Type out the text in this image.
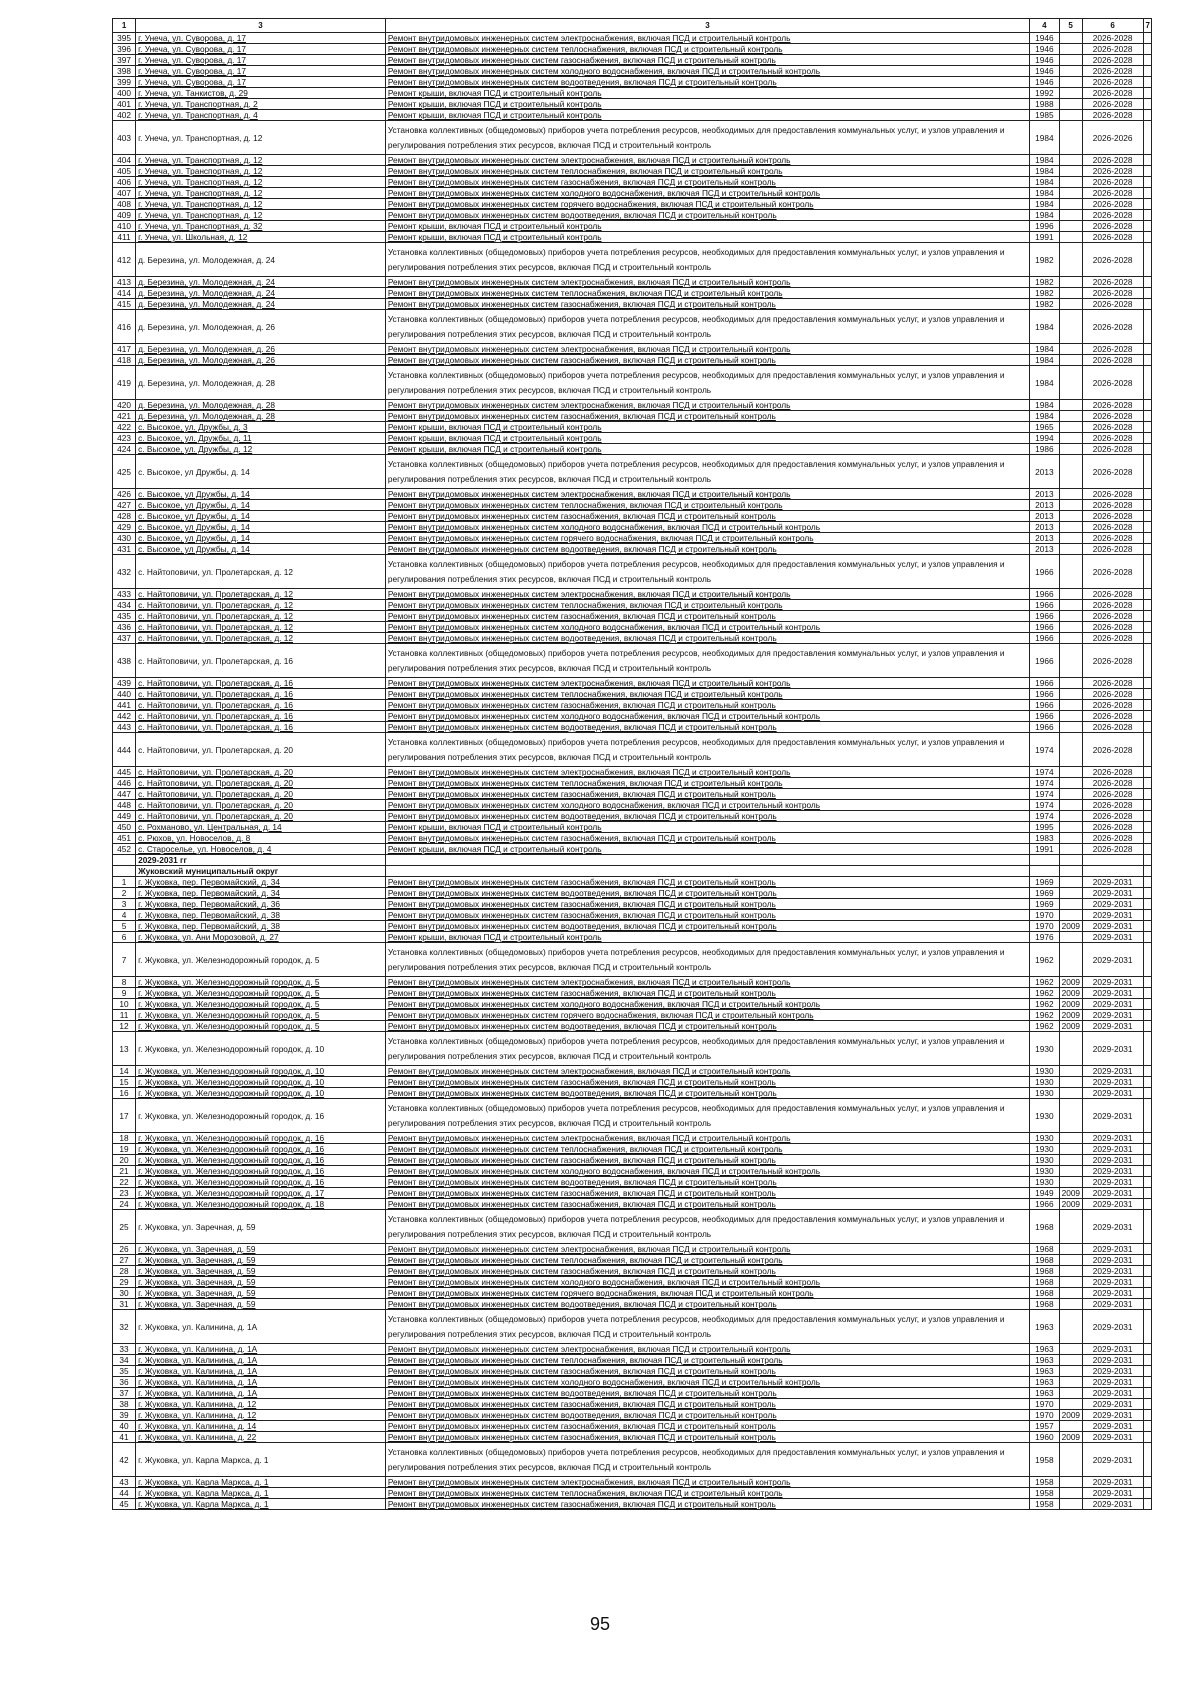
1	3	3	4	5	6	7
395	г. Унеча, ул. Суворова, д. 17	Ремонт внутридомовых инженерных систем электроснабжения, включая ПСД и строительный контроль	1946		2026-2028	
396	г. Унеча, ул. Суворова, д. 17	Ремонт внутридомовых инженерных систем теплоснабжения, включая ПСД и строительный контроль	1946		2026-2028	
397	г. Унеча, ул. Суворова, д. 17	Ремонт внутридомовых инженерных систем газоснабжения, включая ПСД и строительный контроль	1946		2026-2028	
398	г. Унеча, ул. Суворова, д. 17	Ремонт внутридомовых инженерных систем холодного водоснабжения, включая ПСД и строительный контроль	1946		2026-2028	
399	г. Унеча, ул. Суворова, д. 17	Ремонт внутридомовых инженерных систем водоотведения, включая ПСД и строительный контроль	1946		2026-2028	
400	г. Унеча, ул. Танкистов, д. 29	Ремонт крыши, включая ПСД и строительный контроль	1992		2026-2028	
401	г. Унеча, ул. Транспортная, д. 2	Ремонт крыши, включая ПСД и строительный контроль	1988		2026-2028	
402	г. Унеча, ул. Транспортная, д. 4	Ремонт крыши, включая ПСД и строительный контроль	1985		2026-2028	
403	г. Унеча, ул. Транспортная, д. 12	Установка коллективных (общедомовых) приборов учета потребления ресурсов, необходимых для предоставления коммунальных услуг, и узлов управления и регулирования потребления этих ресурсов, включая ПСД и строительный контроль	1984		2026-2026	
404	г. Унеча, ул. Транспортная, д. 12	Ремонт внутридомовых инженерных систем электроснабжения, включая ПСД и строительный контроль	1984		2026-2028	
405	г. Унеча, ул. Транспортная, д. 12	Ремонт внутридомовых инженерных систем теплоснабжения, включая ПСД и строительный контроль	1984		2026-2028	
406	г. Унеча, ул. Транспортная, д. 12	Ремонт внутридомовых инженерных систем газоснабжения, включая ПСД и строительный контроль	1984		2026-2028	
407	г. Унеча, ул. Транспортная, д. 12	Ремонт внутридомовых инженерных систем холодного водоснабжения, включая ПСД и строительный контроль	1984		2026-2028	
408	г. Унеча, ул. Транспортная, д. 12	Ремонт внутридомовых инженерных систем горячего водоснабжения, включая ПСД и строительный контроль	1984		2026-2028	
409	г. Унеча, ул. Транспортная, д. 12	Ремонт внутридомовых инженерных систем водоотведения, включая ПСД и строительный контроль	1984		2026-2028	
410	г. Унеча, ул. Транспортная, д. 32	Ремонт крыши, включая ПСД и строительный контроль	1996		2026-2028	
411	г. Унеча, ул. Школьная, д. 12	Ремонт крыши, включая ПСД и строительный контроль	1991		2026-2028	
412	д. Березина, ул. Молодежная, д. 24	Установка коллективных (общедомовых) приборов учета потребления ресурсов, необходимых для предоставления коммунальных услуг, и узлов управления и регулирования потребления этих ресурсов, включая ПСД и строительный контроль	1982		2026-2028	
413	д. Березина, ул. Молодежная, д. 24	Ремонт внутридомовых инженерных систем электроснабжения, включая ПСД и строительный контроль	1982		2026-2028	
414	д. Березина, ул. Молодежная, д. 24	Ремонт внутридомовых инженерных систем теплоснабжения, включая ПСД и строительный контроль	1982		2026-2028	
415	д. Березина, ул. Молодежная, д. 24	Ремонт внутридомовых инженерных систем газоснабжения, включая ПСД и строительный контроль	1982		2026-2028	
416	д. Березина, ул. Молодежная, д. 26	Установка коллективных (общедомовых) приборов учета потребления ресурсов, необходимых для предоставления коммунальных услуг, и узлов управления и регулирования потребления этих ресурсов, включая ПСД и строительный контроль	1984		2026-2028	
417	д. Березина, ул. Молодежная, д. 26	Ремонт внутридомовых инженерных систем электроснабжения, включая ПСД и строительный контроль	1984		2026-2028	
418	д. Березина, ул. Молодежная, д. 26	Ремонт внутридомовых инженерных систем газоснабжения, включая ПСД и строительный контроль	1984		2026-2028	
419	д. Березина, ул. Молодежная, д. 28	Установка коллективных (общедомовых) приборов учета потребления ресурсов, необходимых для предоставления коммунальных услуг, и узлов управления и регулирования потребления этих ресурсов, включая ПСД и строительный контроль	1984		2026-2028	
420	д. Березина, ул. Молодежная, д. 28	Ремонт внутридомовых инженерных систем электроснабжения, включая ПСД и строительный контроль	1984		2026-2028	
421	д. Березина, ул. Молодежная, д. 28	Ремонт внутридомовых инженерных систем газоснабжения, включая ПСД и строительный контроль	1984		2026-2028	
422	с. Высокое, ул. Дружбы, д. 3	Ремонт крыши, включая ПСД и строительный контроль	1965		2026-2028	
423	с. Высокое, ул. Дружбы, д. 11	Ремонт крыши, включая ПСД и строительный контроль	1994		2026-2028	
424	с. Высокое, ул. Дружбы, д. 12	Ремонт крыши, включая ПСД и строительный контроль	1986		2026-2028	
425	с. Высокое, ул Дружбы, д. 14	Установка коллективных (общедомовых) приборов учета потребления ресурсов, необходимых для предоставления коммунальных услуг, и узлов управления и регулирования потребления этих ресурсов, включая ПСД и строительный контроль	2013		2026-2028	
426	с. Высокое, ул Дружбы, д. 14	Ремонт внутридомовых инженерных систем электроснабжения, включая ПСД и строительный контроль	2013		2026-2028	
427	с. Высокое, ул Дружбы, д. 14	Ремонт внутридомовых инженерных систем теплоснабжения, включая ПСД и строительный контроль	2013		2026-2028	
428	с. Высокое, ул Дружбы, д. 14	Ремонт внутридомовых инженерных систем газоснабжения, включая ПСД и строительный контроль	2013		2026-2028	
429	с. Высокое, ул Дружбы, д. 14	Ремонт внутридомовых инженерных систем холодного водоснабжения, включая ПСД и строительный контроль	2013		2026-2028	
430	с. Высокое, ул Дружбы, д. 14	Ремонт внутридомовых инженерных систем горячего водоснабжения, включая ПСД и строительный контроль	2013		2026-2028	
431	с. Высокое, ул Дружбы, д. 14	Ремонт внутридомовых инженерных систем водоотведения, включая ПСД и строительный контроль	2013		2026-2028	
432	с. Найтоповичи, ул. Пролетарская, д. 12	Установка коллективных (общедомовых) приборов учета потребления ресурсов, необходимых для предоставления коммунальных услуг, и узлов управления и регулирования потребления этих ресурсов, включая ПСД и строительный контроль	1966		2026-2028	
433	с. Найтоповичи, ул. Пролетарская, д. 12	Ремонт внутридомовых инженерных систем электроснабжения, включая ПСД и строительный контроль	1966		2026-2028	
434	с. Найтоповичи, ул. Пролетарская, д. 12	Ремонт внутридомовых инженерных систем теплоснабжения, включая ПСД и строительный контроль	1966		2026-2028	
435	с. Найтоповичи, ул. Пролетарская, д. 12	Ремонт внутридомовых инженерных систем газоснабжения, включая ПСД и строительный контроль	1966		2026-2028	
436	с. Найтоповичи, ул. Пролетарская, д. 12	Ремонт внутридомовых инженерных систем холодного водоснабжения, включая ПСД и строительный контроль	1966		2026-2028	
437	с. Найтоповичи, ул. Пролетарская, д. 12	Ремонт внутридомовых инженерных систем водоотведения, включая ПСД и строительный контроль	1966		2026-2028	
438	с. Найтоповичи, ул. Пролетарская, д. 16	Установка коллективных (общедомовых) приборов учета потребления ресурсов, необходимых для предоставления коммунальных услуг, и узлов управления и регулирования потребления этих ресурсов, включая ПСД и строительный контроль	1966		2026-2028	
439	с. Найтоповичи, ул. Пролетарская, д. 16	Ремонт внутридомовых инженерных систем электроснабжения, включая ПСД и строительный контроль	1966		2026-2028	
440	с. Найтоповичи, ул. Пролетарская, д. 16	Ремонт внутридомовых инженерных систем теплоснабжения, включая ПСД и строительный контроль	1966		2026-2028	
441	с. Найтоповичи, ул. Пролетарская, д. 16	Ремонт внутридомовых инженерных систем газоснабжения, включая ПСД и строительный контроль	1966		2026-2028	
442	с. Найтоповичи, ул. Пролетарская, д. 16	Ремонт внутридомовых инженерных систем холодного водоснабжения, включая ПСД и строительный контроль	1966		2026-2028	
443	с. Найтоповичи, ул. Пролетарская, д. 16	Ремонт внутридомовых инженерных систем водоотведения, включая ПСД и строительный контроль	1966		2026-2028	
444	с. Найтоповичи, ул. Пролетарская, д. 20	Установка коллективных (общедомовых) приборов учета потребления ресурсов, необходимых для предоставления коммунальных услуг, и узлов управления и регулирования потребления этих ресурсов, включая ПСД и строительный контроль	1974		2026-2028	
445	с. Найтоповичи, ул. Пролетарская, д. 20	Ремонт внутридомовых инженерных систем электроснабжения, включая ПСД и строительный контроль	1974		2026-2028	
446	с. Найтоповичи, ул. Пролетарская, д. 20	Ремонт внутридомовых инженерных систем теплоснабжения, включая ПСД и строительный контроль	1974		2026-2028	
447	с. Найтоповичи, ул. Пролетарская, д. 20	Ремонт внутридомовых инженерных систем газоснабжения, включая ПСД и строительный контроль	1974		2026-2028	
448	с. Найтоповичи, ул. Пролетарская, д. 20	Ремонт внутридомовых инженерных систем холодного водоснабжения, включая ПСД и строительный контроль	1974		2026-2028	
449	с. Найтоповичи, ул. Пролетарская, д. 20	Ремонт внутридомовых инженерных систем водоотведения, включая ПСД и строительный контроль	1974		2026-2028	
450	с. Рохманово, ул. Центральная, д. 14	Ремонт крыши, включая ПСД и строительный контроль	1995		2026-2028	
451	с. Рюхов, ул. Новоселов, д. 8	Ремонт внутридомовых инженерных систем газоснабжения, включая ПСД и строительный контроль	1983		2026-2028	
452	с. Староселье, ул. Новоселов, д. 4	Ремонт крыши, включая ПСД и строительный контроль	1991		2026-2028	
	2029-2031 гг					
	Жуковский муниципальный округ					
1	г. Жуковка, пер. Первомайский, д. 34	Ремонт внутридомовых инженерных систем газоснабжения, включая ПСД и строительный контроль	1969		2029-2031	
2	г. Жуковка, пер. Первомайский, д. 34	Ремонт внутридомовых инженерных систем водоотведения, включая ПСД и строительный контроль	1969		2029-2031	
3	г. Жуковка, пер. Первомайский, д. 36	Ремонт внутридомовых инженерных систем газоснабжения, включая ПСД и строительный контроль	1969		2029-2031	
4	г. Жуковка, пер. Первомайский, д. 38	Ремонт внутридомовых инженерных систем газоснабжения, включая ПСД и строительный контроль	1970		2029-2031	
5	г. Жуковка, пер. Первомайский, д. 38	Ремонт внутридомовых инженерных систем водоотведения, включая ПСД и строительный контроль	1970	2009	2029-2031	
6	г. Жуковка, ул. Ани Морозовой, д. 27	Ремонт крыши, включая ПСД и строительный контроль	1976		2029-2031	
7	г. Жуковка, ул. Железнодорожный городок, д. 5	Установка коллективных (общедомовых) приборов учета потребления ресурсов, необходимых для предоставления коммунальных услуг, и узлов управления и регулирования потребления этих ресурсов, включая ПСД и строительный контроль	1962		2029-2031	
8	г. Жуковка, ул. Железнодорожный городок, д. 5	Ремонт внутридомовых инженерных систем электроснабжения, включая ПСД и строительный контроль	1962	2009	2029-2031	
9	г. Жуковка, ул. Железнодорожный городок, д. 5	Ремонт внутридомовых инженерных систем газоснабжения, включая ПСД и строительный контроль	1962	2009	2029-2031	
10	г. Жуковка, ул. Железнодорожный городок, д. 5	Ремонт внутридомовых инженерных систем холодного водоснабжения, включая ПСД и строительный контроль	1962	2009	2029-2031	
11	г. Жуковка, ул. Железнодорожный городок, д. 5	Ремонт внутридомовых инженерных систем горячего водоснабжения, включая ПСД и строительный контроль	1962	2009	2029-2031	
12	г. Жуковка, ул. Железнодорожный городок, д. 5	Ремонт внутридомовых инженерных систем водоотведения, включая ПСД и строительный контроль	1962	2009	2029-2031	
13	г. Жуковка, ул. Железнодорожный городок, д. 10	Установка коллективных (общедомовых) приборов учета потребления ресурсов, необходимых для предоставления коммунальных услуг, и узлов управления и регулирования потребления этих ресурсов, включая ПСД и строительный контроль	1930		2029-2031	
14	г. Жуковка, ул. Железнодорожный городок, д. 10	Ремонт внутридомовых инженерных систем электроснабжения, включая ПСД и строительный контроль	1930		2029-2031	
15	г. Жуковка, ул. Железнодорожный городок, д. 10	Ремонт внутридомовых инженерных систем газоснабжения, включая ПСД и строительный контроль	1930		2029-2031	
16	г. Жуковка, ул. Железнодорожный городок, д. 10	Ремонт внутридомовых инженерных систем водоотведения, включая ПСД и строительный контроль	1930		2029-2031	
17	г. Жуковка, ул. Железнодорожный городок, д. 16	Установка коллективных (общедомовых) приборов учета потребления ресурсов, необходимых для предоставления коммунальных услуг, и узлов управления и регулирования потребления этих ресурсов, включая ПСД и строительный контроль	1930		2029-2031	
18	г. Жуковка, ул. Железнодорожный городок, д. 16	Ремонт внутридомовых инженерных систем электроснабжения, включая ПСД и строительный контроль	1930		2029-2031	
19	г. Жуковка, ул. Железнодорожный городок, д. 16	Ремонт внутридомовых инженерных систем теплоснабжения, включая ПСД и строительный контроль	1930		2029-2031	
20	г. Жуковка, ул. Железнодорожный городок, д. 16	Ремонт внутридомовых инженерных систем газоснабжения, включая ПСД и строительный контроль	1930		2029-2031	
21	г. Жуковка, ул. Железнодорожный городок, д. 16	Ремонт внутридомовых инженерных систем холодного водоснабжения, включая ПСД и строительный контроль	1930		2029-2031	
22	г. Жуковка, ул. Железнодорожный городок, д. 16	Ремонт внутридомовых инженерных систем водоотведения, включая ПСД и строительный контроль	1930		2029-2031	
23	г. Жуковка, ул. Железнодорожный городок, д. 17	Ремонт внутридомовых инженерных систем газоснабжения, включая ПСД и строительный контроль	1949	2009	2029-2031	
24	г. Жуковка, ул. Железнодорожный городок, д. 18	Ремонт внутридомовых инженерных систем газоснабжения, включая ПСД и строительный контроль	1966	2009	2029-2031	
25	г. Жуковка, ул. Заречная, д. 59	Установка коллективных (общедомовых) приборов учета потребления ресурсов, необходимых для предоставления коммунальных услуг, и узлов управления и регулирования потребления этих ресурсов, включая ПСД и строительный контроль	1968		2029-2031	
26	г. Жуковка, ул. Заречная, д. 59	Ремонт внутридомовых инженерных систем электроснабжения, включая ПСД и строительный контроль	1968		2029-2031	
27	г. Жуковка, ул. Заречная, д. 59	Ремонт внутридомовых инженерных систем теплоснабжения, включая ПСД и строительный контроль	1968		2029-2031	
28	г. Жуковка, ул. Заречная, д. 59	Ремонт внутридомовых инженерных систем газоснабжения, включая ПСД и строительный контроль	1968		2029-2031	
29	г. Жуковка, ул. Заречная, д. 59	Ремонт внутридомовых инженерных систем холодного водоснабжения, включая ПСД и строительный контроль	1968		2029-2031	
30	г. Жуковка, ул. Заречная, д. 59	Ремонт внутридомовых инженерных систем горячего водоснабжения, включая ПСД и строительный контроль	1968		2029-2031	
31	г. Жуковка, ул. Заречная, д. 59	Ремонт внутридомовых инженерных систем водоотведения, включая ПСД и строительный контроль	1968		2029-2031	
32	г. Жуковка, ул. Калинина, д. 1А	Установка коллективных (общедомовых) приборов учета потребления ресурсов, необходимых для предоставления коммунальных услуг, и узлов управления и регулирования потребления этих ресурсов, включая ПСД и строительный контроль	1963		2029-2031	
33	г. Жуковка, ул. Калинина, д. 1А	Ремонт внутридомовых инженерных систем электроснабжения, включая ПСД и строительный контроль	1963		2029-2031	
34	г. Жуковка, ул. Калинина, д. 1А	Ремонт внутридомовых инженерных систем теплоснабжения, включая ПСД и строительный контроль	1963		2029-2031	
35	г. Жуковка, ул. Калинина, д. 1А	Ремонт внутридомовых инженерных систем газоснабжения, включая ПСД и строительный контроль	1963		2029-2031	
36	г. Жуковка, ул. Калинина, д. 1А	Ремонт внутридомовых инженерных систем холодного водоснабжения, включая ПСД и строительный контроль	1963		2029-2031	
37	г. Жуковка, ул. Калинина, д. 1А	Ремонт внутридомовых инженерных систем водоотведения, включая ПСД и строительный контроль	1963		2029-2031	
38	г. Жуковка, ул. Калинина, д. 12	Ремонт внутридомовых инженерных систем газоснабжения, включая ПСД и строительный контроль	1970		2029-2031	
39	г. Жуковка, ул. Калинина, д. 12	Ремонт внутридомовых инженерных систем водоотведения, включая ПСД и строительный контроль	1970	2009	2029-2031	
40	г. Жуковка, ул. Калинина, д. 14	Ремонт внутридомовых инженерных систем газоснабжения, включая ПСД и строительный контроль	1957		2029-2031	
41	г. Жуковка, ул. Калинина, д. 22	Ремонт внутридомовых инженерных систем газоснабжения, включая ПСД и строительный контроль	1960	2009	2029-2031	
42	г. Жуковка, ул. Карла Маркса, д. 1	Установка коллективных (общедомовых) приборов учета потребления ресурсов, необходимых для предоставления коммунальных услуг, и узлов управления и регулирования потребления этих ресурсов, включая ПСД и строительный контроль	1958		2029-2031	
43	г. Жуковка, ул. Карла Маркса, д. 1	Ремонт внутридомовых инженерных систем электроснабжения, включая ПСД и строительный контроль	1958		2029-2031	
44	г. Жуковка, ул. Карла Маркса, д. 1	Ремонт внутридомовых инженерных систем теплоснабжения, включая ПСД и строительный контроль	1958		2029-2031	
45	г. Жуковка, ул. Карла Маркса, д. 1	Ремонт внутридомовых инженерных систем газоснабжения, включая ПСД и строительный контроль	1958		2029-2031	
95
